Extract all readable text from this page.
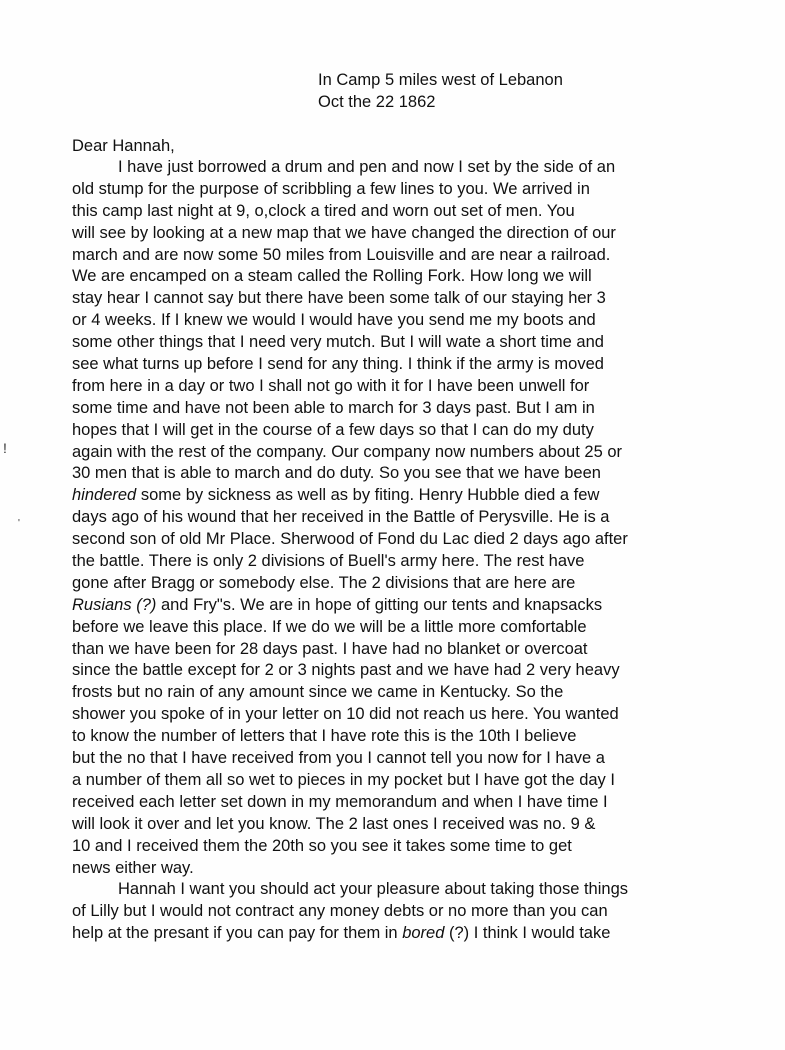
In Camp 5 miles west of Lebanon
Oct the 22 1862
Dear Hannah,
I have just borrowed a drum and pen and now I set by the side of an
old stump for the purpose of scribbling a few lines to you. We arrived in
this camp last night at 9, o,clock a tired and worn out set of men. You
will see by looking at a new map that we have changed the direction of our
march and are now some 50 miles from Louisville and are near a railroad.
We are encamped on a steam called the Rolling Fork. How long we will
stay hear I cannot say but there have been some talk of our staying her 3
or 4 weeks. If I knew we would I would have you send me my boots and
some other things that I need very mutch. But I will wate a short time and
see what turns up before I send for any thing. I think if the army is moved
from here in a day or two I shall not go with it for I have been unwell for
some time and have not been able to march for 3 days past. But I am in
hopes that I will get in the course of a few days so that I can do my duty
again with the rest of the company. Our company now numbers about 25 or
30 men that is able to march and do duty. So you see that we have been
hindered some by sickness as well as by fiting. Henry Hubble died a few
days ago of his wound that her received in the Battle of Perysville. He is a
second son of old Mr Place. Sherwood of Fond du Lac died 2 days ago after
the battle. There is only 2 divisions of Buell's army here. The rest have
gone after Bragg or somebody else. The 2 divisions that are here are
Rusians (?) and Fry"s. We are in hope of gitting our tents and knapsacks
before we leave this place. If we do we will be a little more comfortable
than we have been for 28 days past. I have had no blanket or overcoat
since the battle except for 2 or 3 nights past and we have had 2 very heavy
frosts but no rain of any amount since we came in Kentucky. So the
shower you spoke of in your letter on 10 did not reach us here. You wanted
to know the number of letters that I have rote this is the 10th I believe
but the no that I have received from you I cannot tell you now for I have a
a number of them all so wet to pieces in my pocket but I have got the day I
received each letter set down in my memorandum and when I have time I
will look it over and let you know. The 2 last ones I received was no. 9 &
10 and I received them the 20th so you see it takes some time to get
news either way.
Hannah I want you should act your pleasure about taking those things
of Lilly but I would not contract any money debts or no more than you can
help at the presant if you can pay for them in bored (?) I think I would take
!
'
